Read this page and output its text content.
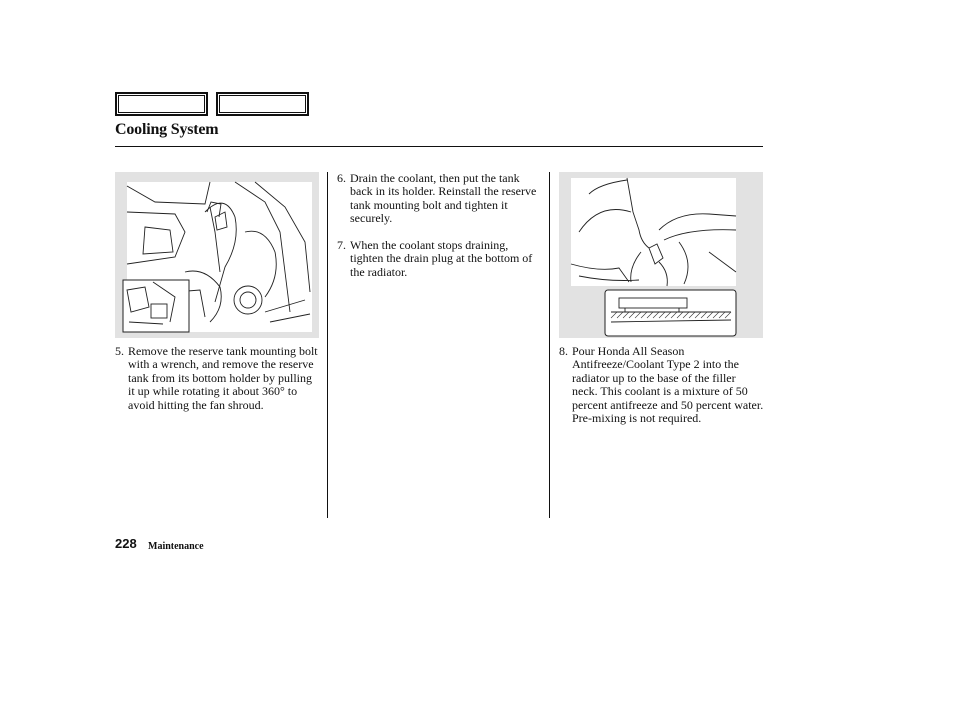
Cooling System
5. Remove the reserve tank mounting bolt with a wrench, and remove the reserve tank from its bottom holder by pulling it up while rotating it about 360° to avoid hitting the fan shroud.
6. Drain the coolant, then put the tank back in its holder. Reinstall the reserve tank mounting bolt and tighten it securely.
7. When the coolant stops draining, tighten the drain plug at the bottom of the radiator.
8. Pour Honda All Season Antifreeze/Coolant Type 2 into the radiator up to the base of the filler neck. This coolant is a mixture of 50 percent antifreeze and 50 percent water. Pre-mixing is not required.
228 Maintenance
